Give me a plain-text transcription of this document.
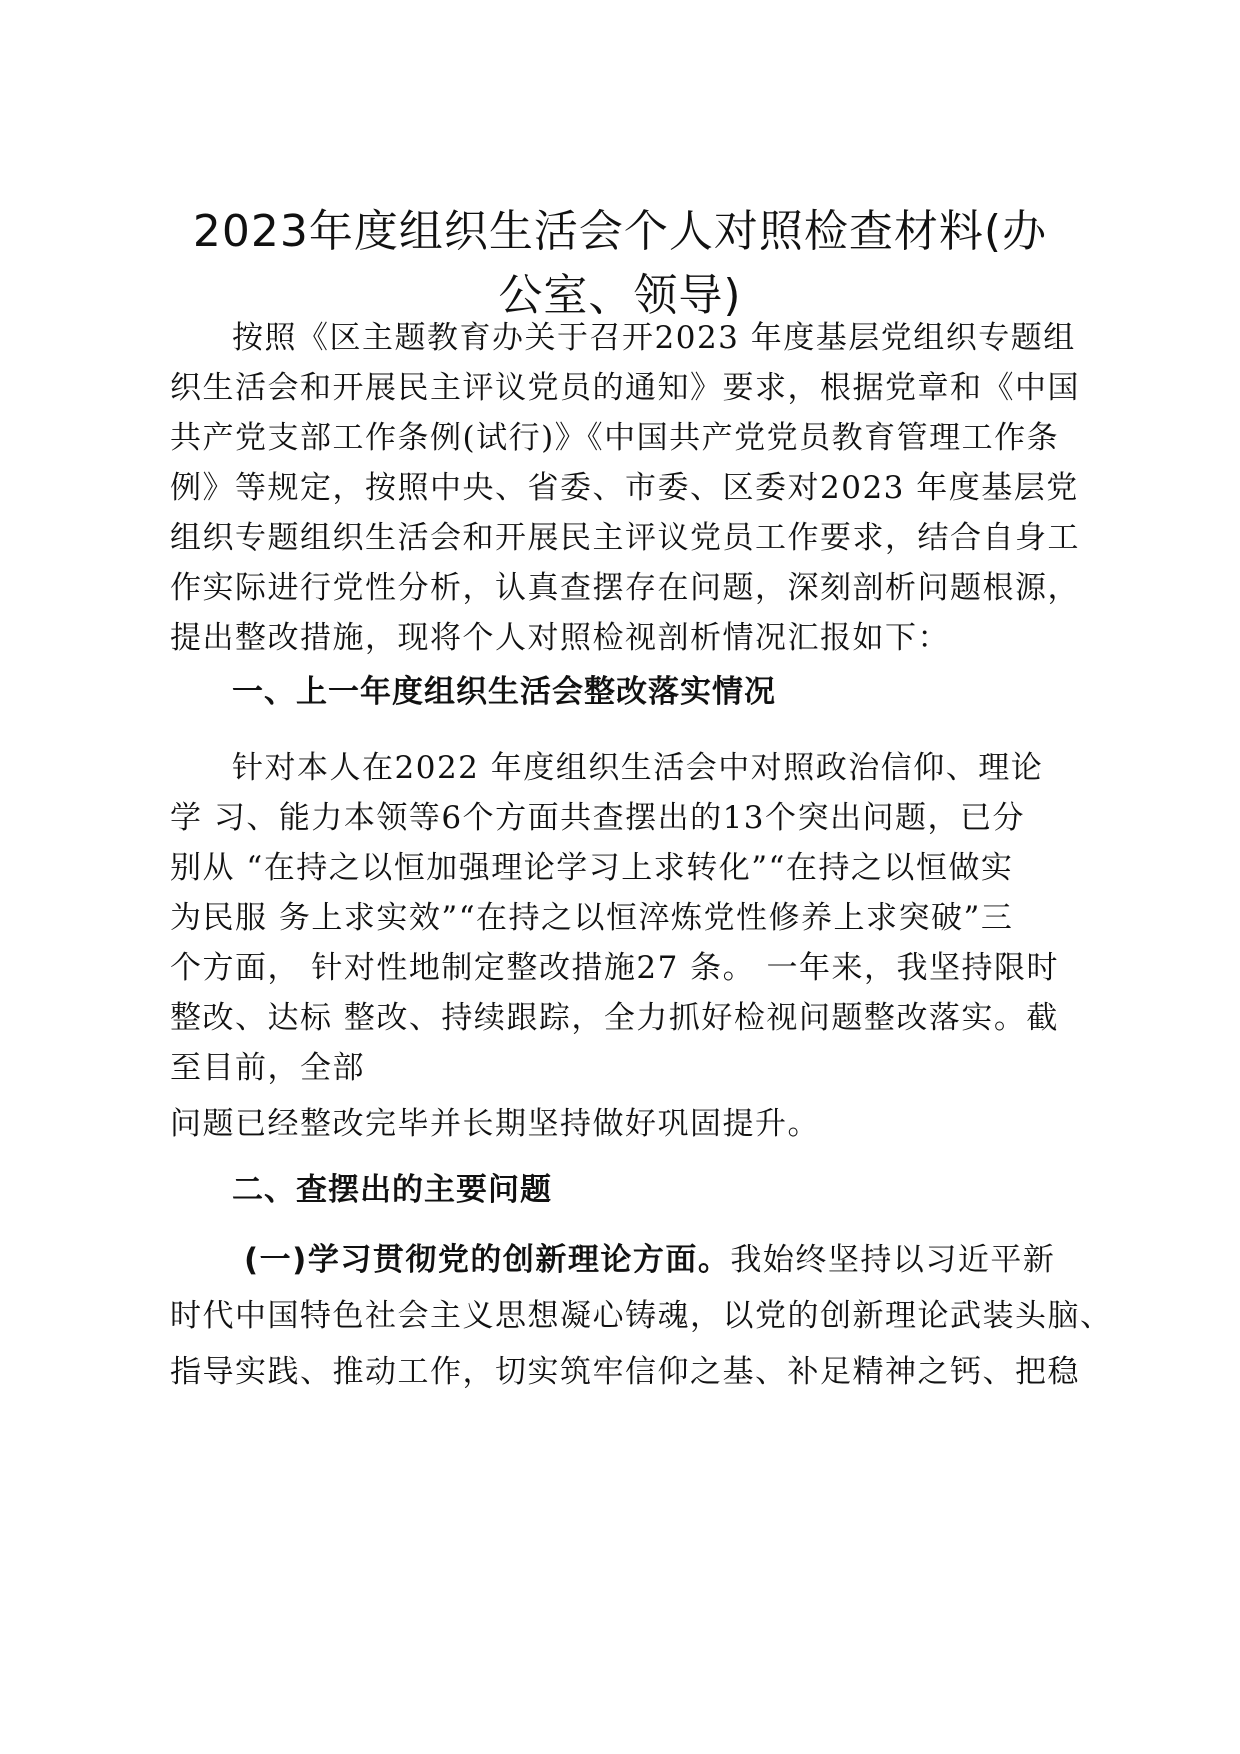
2023年度组织生活会个人对照检查材料(办
公室、领导)
按照《区主题教育办关于召开2023 年度基层党组织专题组
织生活会和开展民主评议党员的通知》要求，根据党章和《中国
共产党支部工作条例(试行)》《中国共产党党员教育管理工作条
例》等规定，按照中央、省委、市委、区委对2023 年度基层党
组织专题组织生活会和开展民主评议党员工作要求，结合自身工
作实际进行党性分析，认真查摆存在问题，深刻剖析问题根源，
提出整改措施，现将个人对照检视剖析情况汇报如下：
一、上一年度组织生活会整改落实情况
针对本人在2022 年度组织生活会中对照政治信仰、理论
学 习、能力本领等6个方面共查摆出的13个突出问题，已分
别从 “在持之以恒加强理论学习上求转化”“在持之以恒做实
为民服 务上求实效”“在持之以恒淬炼党性修养上求突破”三
个方面， 针对性地制定整改措施27 条。 一年来，我坚持限时
整改、达标 整改、持续跟踪，全力抓好检视问题整改落实。截
至目前，全部
问题已经整改完毕并长期坚持做好巩固提升。
二、查摆出的主要问题
(一)学习贯彻党的创新理论方面。我始终坚持以习近平新
时代中国特色社会主义思想凝心铸魂，以党的创新理论武装头脑、
指导实践、推动工作，切实筑牢信仰之基、补足精神之钙、把稳
